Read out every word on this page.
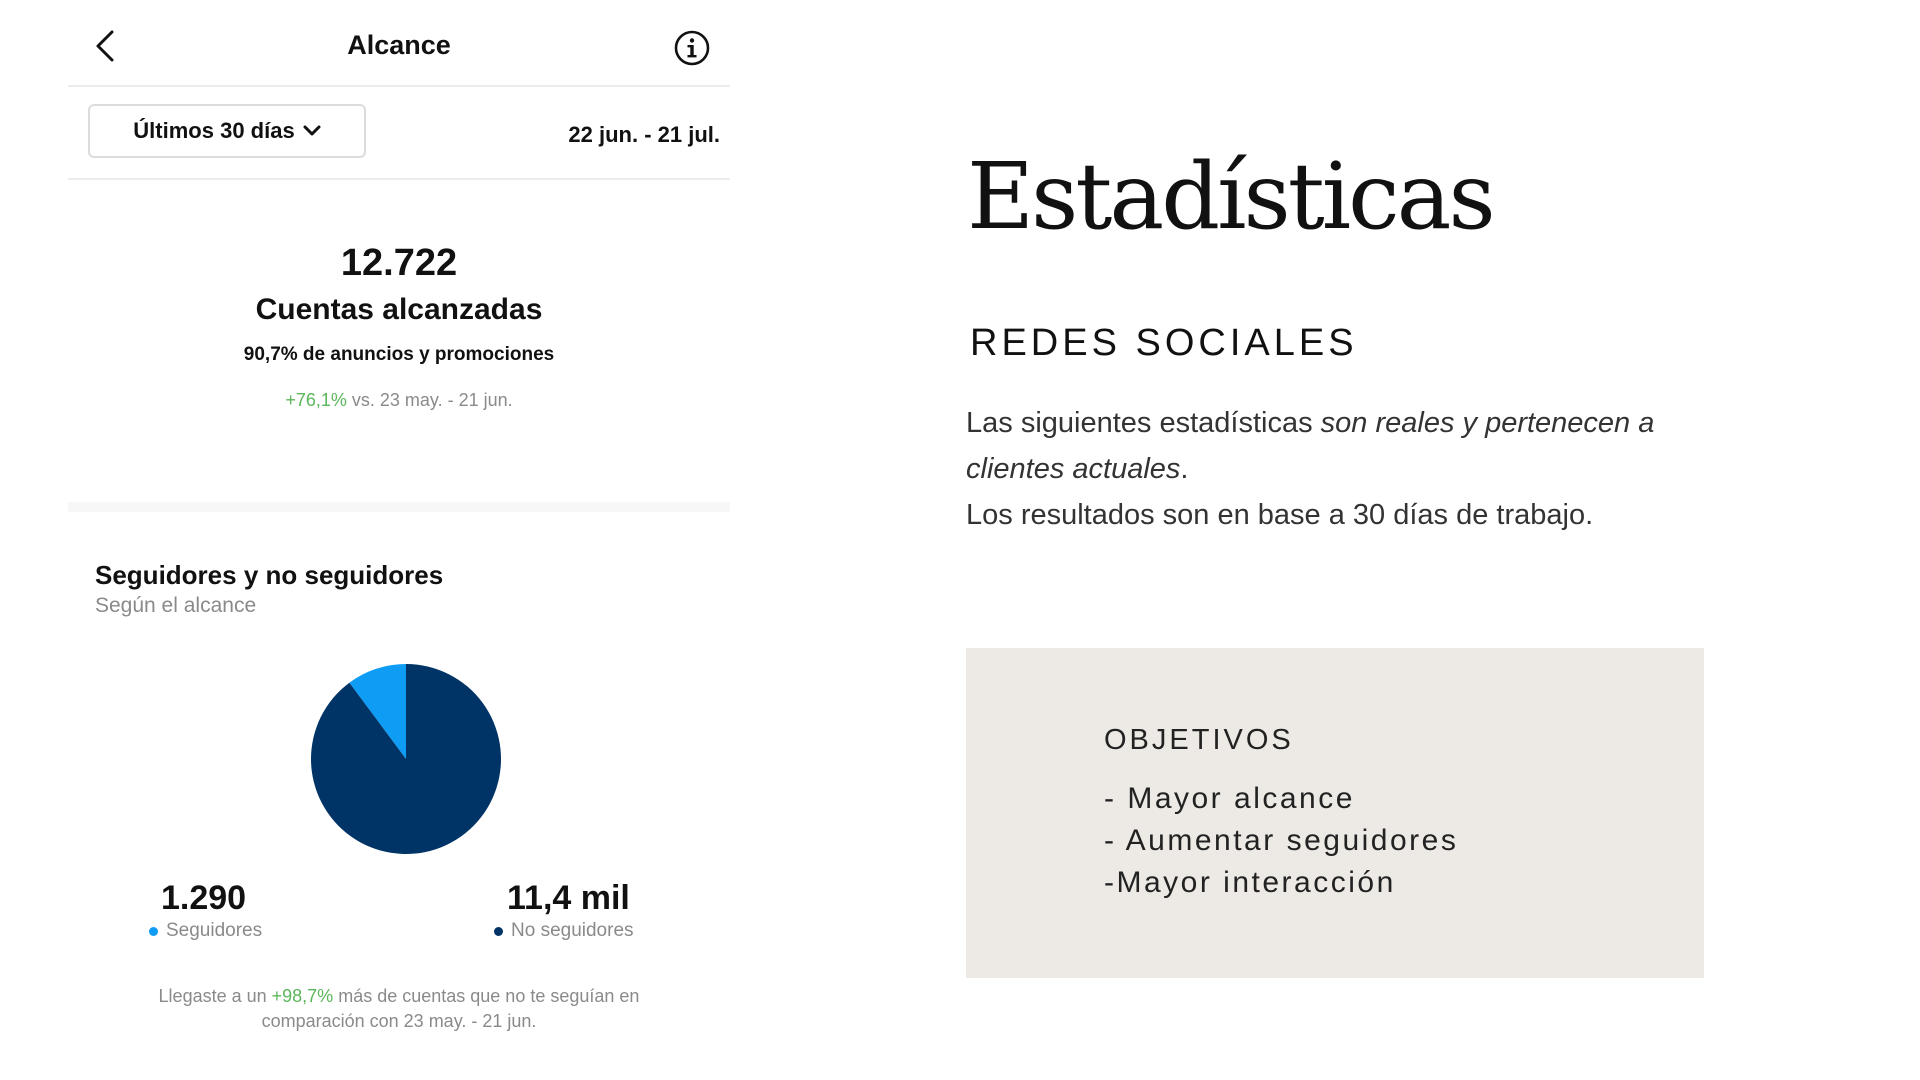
Alcance
Últimos 30 días	22 jun. - 21 jul.
12.722
Cuentas alcanzadas
90,7% de anuncios y promociones
+76,1% vs. 23 may. - 21 jun.
Seguidores y no seguidores
Según el alcance
1.290
Seguidores
11,4 mil
No seguidores
Llegaste a un +98,7% más de cuentas que no te seguían en comparación con 23 may. - 21 jun.
Estadísticas
REDES SOCIALES
Las siguientes estadísticas son reales y pertenecen a clientes actuales.
Los resultados son en base a 30 días de trabajo.
OBJETIVOS
- Mayor alcance
- Aumentar seguidores
-Mayor interacción
